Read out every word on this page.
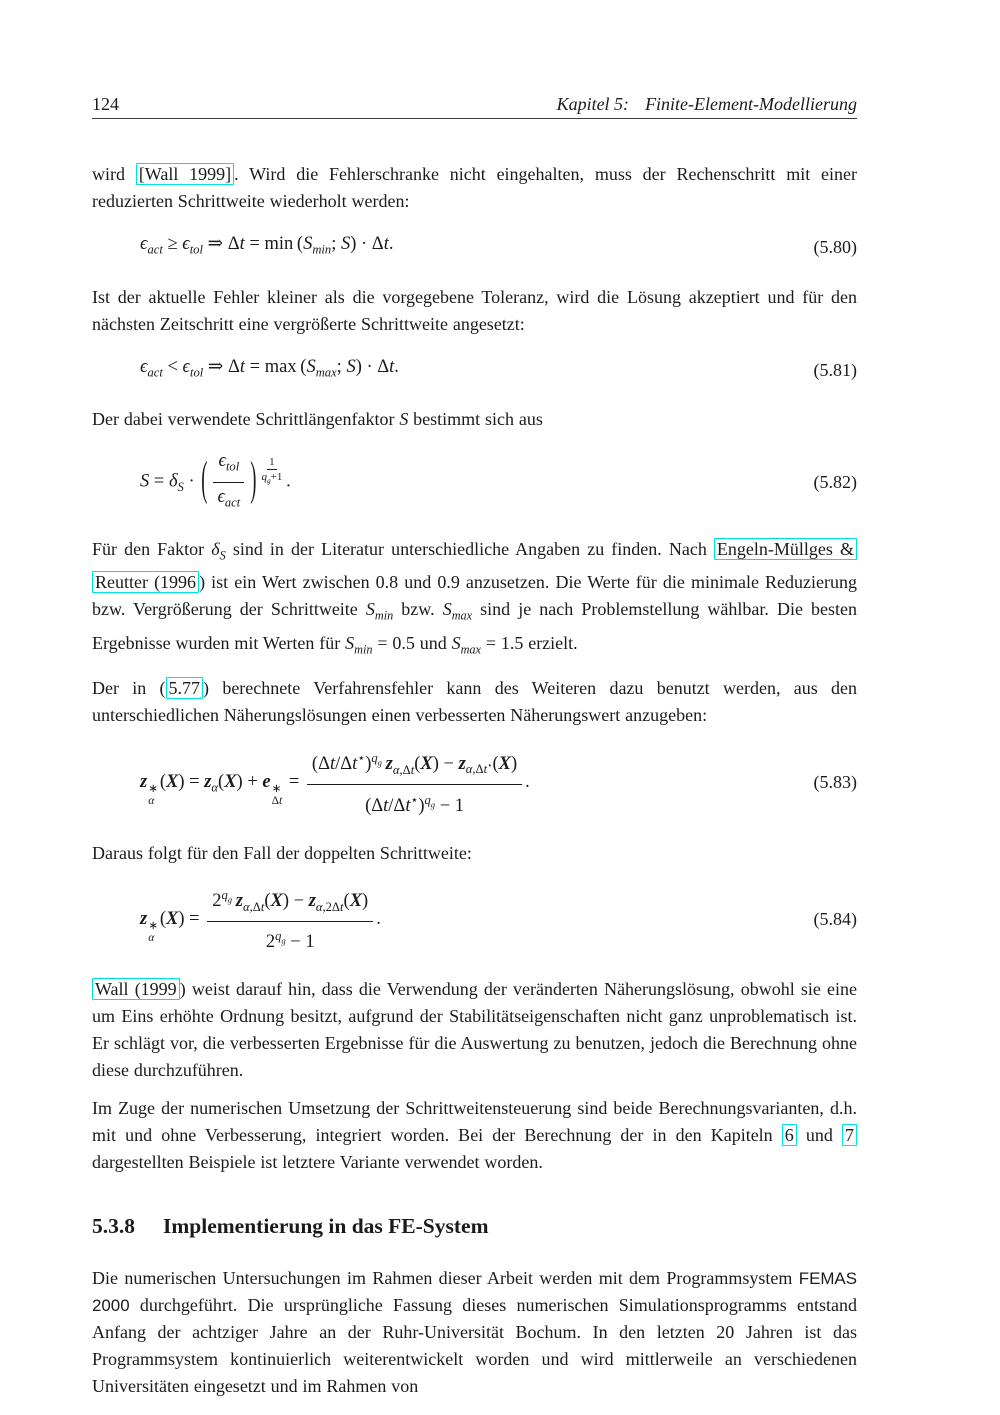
124	Kapitel 5: Finite-Element-Modellierung

wird [Wall 1999] . Wird die Fehlerschranke nicht eingehalten, muss der Rechenschritt mit einer reduzierten Schrittweite wiederholt werden:

$\epsilon_{act} \ge \epsilon_{tol}$ ⇒ $\Delta t = \min (S_{min}$; S) · Δt.	(5.80)

Ist der aktuelle Fehler kleiner als die vorgegebene Toleranz, wird die Lösung akzeptiert und für den nächsten Zeitschritt eine vergrößerte Schrittweite angesetzt:

$\epsilon_{act} < \epsilon_{tol}$ ⇒ $\Delta t = \max (S_{max}$; S) · Δt.	(5.81)

Der dabei verwendete Schrittlängenfaktor S bestimmt sich aus

$S = \delta_S$ · ( $\frac{\epsilon_{tol}}{\epsilon_{act}}$ ) $\frac{1}{q_g+1}$  .	(5.82)

Für den Faktor $\delta_S$ sind in der Literatur unterschiedliche Angaben zu finden. Nach Engeln-Müllges & Reutter (1996 ) ist ein Wert zwischen 0.8 und 0.9 anzusetzen. Die Werte für die minimale Reduzierung bzw. Vergrößerung der Schrittweite $S_{min}$ bzw. $S_{max}$ sind je nach Problemstellung wählbar. Die besten Ergebnisse wurden mit Werten für $S_{min} = 0.5$ und $S_{max} = 1.5$ erzielt.

Der in ( 5.77 ) berechnete Verfahrensfehler kann des Weiteren dazu benutzt werden, aus den unterschiedlichen Näherungslösungen einen verbesserten Näherungswert anzugeben:

z ∗
α
$(X) = z_\alpha(X) + e$ ∗
Δt
= $\frac{(\Delta t/\Delta t^⋆)^{q_g} z_{\alpha,\Delta t}(X) - z_{\alpha,\Delta t^⋆}(X)}{(\Delta t/\Delta t^⋆)^{q_g} - 1}$ .	(5.83)

Daraus folgt für den Fall der doppelten Schrittweite:

z ∗
α
$(X) = \frac{2^{q_g} z_{\alpha,\Delta t}(X) - z_{\alpha,2\Delta t}(X)}{2^{q_g} - 1}$ .	(5.84)

Wall (1999 ) weist darauf hin, dass die Verwendung der veränderten Näherungslösung, obwohl sie eine um Eins erhöhte Ordnung besitzt, aufgrund der Stabilitätseigenschaften nicht ganz unproblematisch ist. Er schlägt vor, die verbesserten Ergebnisse für die Auswertung zu benutzen, jedoch die Berechnung ohne diese durchzuführen.

Im Zuge der numerischen Umsetzung der Schrittweitensteuerung sind beide Berechnungsvarianten, d.h. mit und ohne Verbesserung, integriert worden. Bei der Berechnung der in den Kapiteln 6 und 7 dargestellten Beispiele ist letztere Variante verwendet worden.

5.3.8 Implementierung in das FE-System

Die numerischen Untersuchungen im Rahmen dieser Arbeit werden mit dem Programmsystem FEMAS 2000 durchgeführt. Die ursprüngliche Fassung dieses numerischen Simulationsprogramms entstand Anfang der achtziger Jahre an der Ruhr-Universität Bochum. In den letzten 20 Jahren ist das Programmsystem kontinuierlich weiterentwickelt worden und wird mittlerweile an verschiedenen Universitäten eingesetzt und im Rahmen von
